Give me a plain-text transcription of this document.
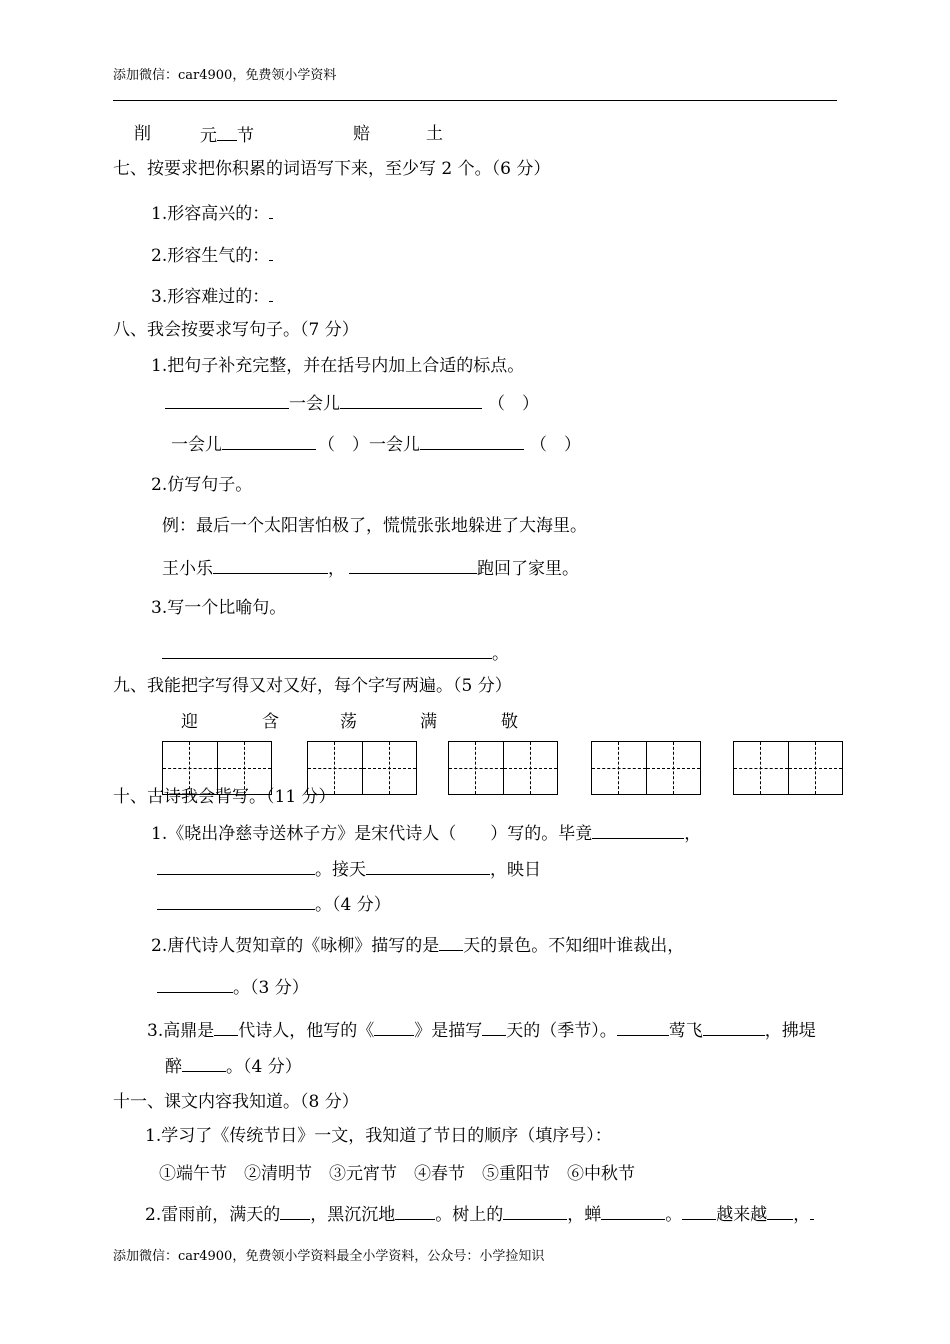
添加微信：car4900，免费领小学资料
削	元 节	赔	土
七、按要求把你积累的词语写下来，至少写 2 个。（6 分）
1.形容高兴的：
2.形容生气的：
3.形容难过的：
八、我会按要求写句子。（7 分）
1.把句子补充完整，并在括号内加上合适的标点。
一会儿	（　）
一会儿	（　）一会儿	（　）
2.仿写句子。
例：最后一个太阳害怕极了，慌慌张张地躲进了大海里。
王小乐	，	跑回了家里。
3.写一个比喻句。
。
九、我能把字写得又对又好，每个字写两遍。（5 分）
迎	含	荡	满	敬
十、古诗我会背写。（11 分）
1.《晓出净慈寺送林子方》是宋代诗人（　　）写的。毕竟	，
。接天	，映日
。（4 分）
2.唐代诗人贺知章的《咏柳》描写的是 天的景色。不知细叶谁裁出，
。（3 分）
3.高鼎是 代诗人，他写的《 》是描写 天的（季节）。	莺飞	，拂堤
醉	。（4 分）
十一、课文内容我知道。（8 分）
1.学习了《传统节日》一文，我知道了节日的顺序（填序号）：
①端午节　②清明节　③元宵节　④春节　⑤重阳节　⑥中秋节
2.雷雨前，满天的 ，黑沉沉地 。树上的	，蝉	。 越来越 ，
添加微信：car4900，免费领小学资料最全小学资料，公众号：小学捡知识
